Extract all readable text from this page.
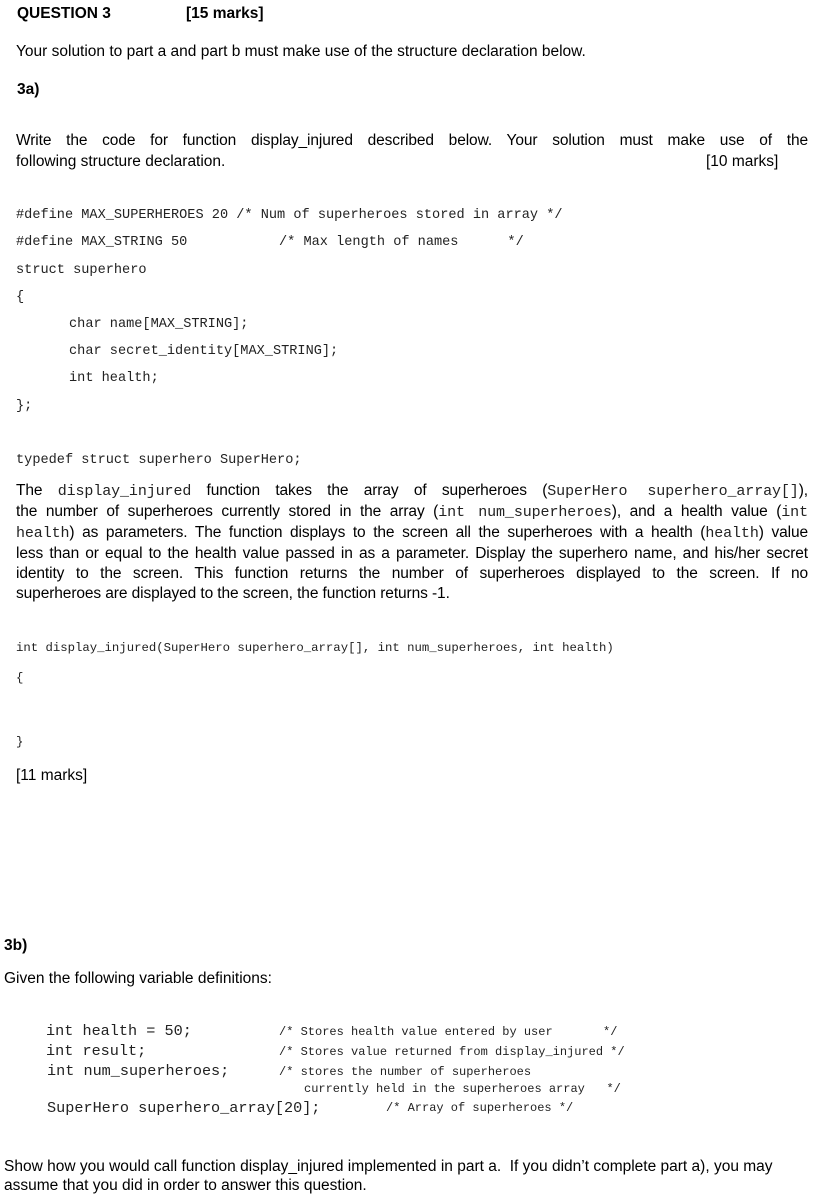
QUESTION 3	[15 marks]
Your solution to part a and part b must make use of the structure declaration below.
3a)
Write the code for function display_injured described below. Your solution must make use of the
following structure declaration.	[10 marks]
#define MAX_SUPERHEROES 20 /* Num of superheroes stored in array */
#define MAX_STRING 50	/* Max length of names      */
struct superhero
{
char name[MAX_STRING];
char secret_identity[MAX_STRING];
int health;
};
typedef struct superhero SuperHero;
The display_injured function takes the array of superheroes (SuperHero superhero_array[]),
the number of superheroes currently stored in the array (int num_superheroes), and a health value (int
health) as parameters. The function displays to the screen all the superheroes with a health (health) value
less than or equal to the health value passed in as a parameter. Display the superhero name, and his/her secret
identity to the screen. This function returns the number of superheroes displayed to the screen. If no
superheroes are displayed to the screen, the function returns -1.
int display_injured(SuperHero superhero_array[], int num_superheroes, int health)
{
}
[11 marks]
3b)
Given the following variable definitions:
int health = 50;	/* Stores health value entered by user       */
int result;	/* Stores value returned from display_injured */
int num_superheroes;	/* stores the number of superheroes
currently held in the superheroes array   */
SuperHero superhero_array[20];	/* Array of superheroes */
Show how you would call function display_injured implemented in part a.  If you didn’t complete part a), you may
assume that you did in order to answer this question.
